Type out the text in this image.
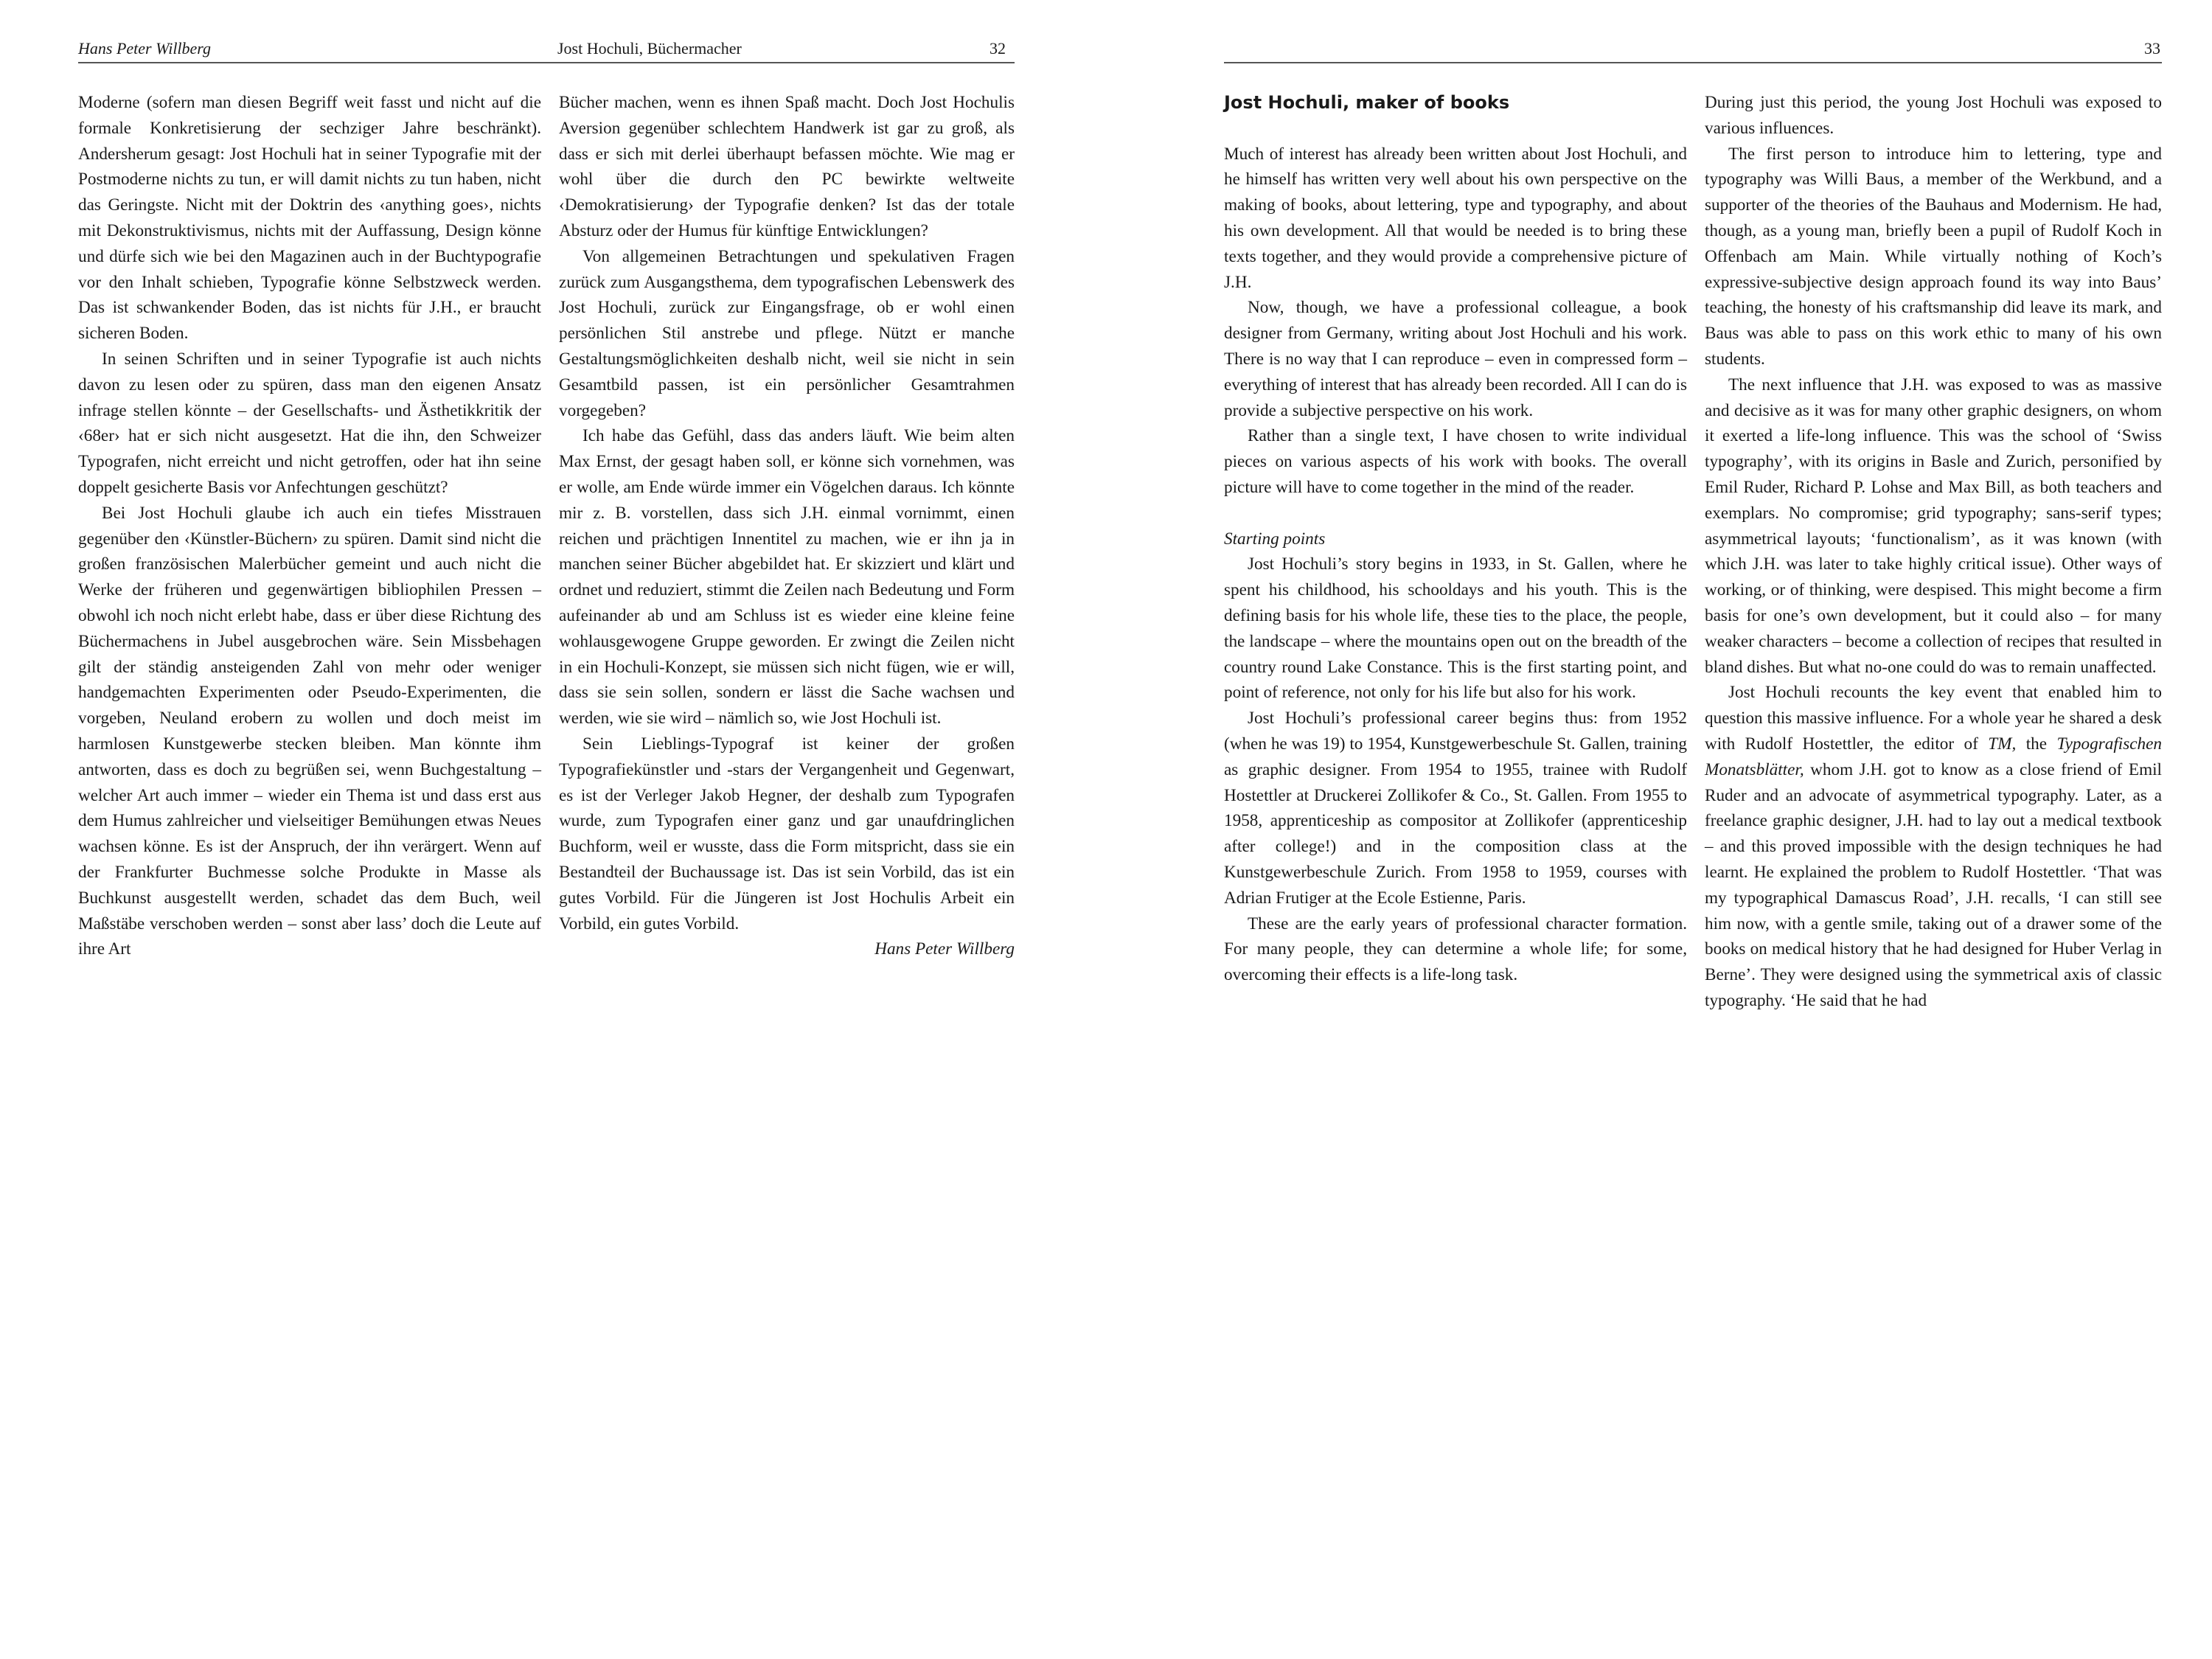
Hans Peter Willberg	Jost Hochuli, Büchermacher	32

Moderne (sofern man diesen Begriff weit fasst und nicht auf die formale Konkretisierung der sechziger Jahre beschränkt). Andersherum gesagt: Jost Hochuli hat in seiner Typografie mit der Postmoderne nichts zu tun, er will damit nichts zu tun haben, nicht das Geringste. Nicht mit der Doktrin des ‹anything goes›, nichts mit Dekonstruktivismus, nichts mit der Auffassung, Design könne und dürfe sich wie bei den Magazinen auch in der Buchtypografie vor den Inhalt schieben, Typografie könne Selbstzweck werden. Das ist schwankender Boden, das ist nichts für J.H., er braucht sicheren Boden.

In seinen Schriften und in seiner Typografie ist auch nichts davon zu lesen oder zu spüren, dass man den eigenen Ansatz infrage stellen könnte – der Gesellschafts- und Ästhetikkritik der ‹68er› hat er sich nicht ausgesetzt. Hat die ihn, den Schweizer Typografen, nicht erreicht und nicht getroffen, oder hat ihn seine doppelt gesicherte Basis vor Anfechtungen geschützt?

Bei Jost Hochuli glaube ich auch ein tiefes Misstrauen gegenüber den ‹Künstler-Büchern› zu spüren. Damit sind nicht die großen französischen Malerbücher gemeint und auch nicht die Werke der früheren und gegenwärtigen bibliophilen Pressen – obwohl ich noch nicht erlebt habe, dass er über diese Richtung des Büchermachens in Jubel ausgebrochen wäre. Sein Missbehagen gilt der ständig ansteigenden Zahl von mehr oder weniger handgemachten Experimenten oder Pseudo-Experimenten, die vorgeben, Neuland erobern zu wollen und doch meist im harmlosen Kunstgewerbe stecken bleiben. Man könnte ihm antworten, dass es doch zu begrüßen sei, wenn Buchgestaltung – welcher Art auch immer – wieder ein Thema ist und dass erst aus dem Humus zahlreicher und vielseitiger Bemühungen etwas Neues wachsen könne. Es ist der Anspruch, der ihn verärgert. Wenn auf der Frankfurter Buchmesse solche Produkte in Masse als Buchkunst ausgestellt werden, schadet das dem Buch, weil Maßstäbe verschoben werden – sonst aber lass’ doch die Leute auf ihre Art

Bücher machen, wenn es ihnen Spaß macht. Doch Jost Hochulis Aversion gegenüber schlechtem Handwerk ist gar zu groß, als dass er sich mit derlei überhaupt befassen möchte. Wie mag er wohl über die durch den PC bewirkte weltweite ‹Demokratisierung› der Typografie denken? Ist das der totale Absturz oder der Humus für künftige Entwicklungen?

Von allgemeinen Betrachtungen und spekulativen Fragen zurück zum Ausgangsthema, dem typografischen Lebenswerk des Jost Hochuli, zurück zur Eingangsfrage, ob er wohl einen persönlichen Stil anstrebe und pflege. Nützt er manche Gestaltungsmöglichkeiten deshalb nicht, weil sie nicht in sein Gesamtbild passen, ist ein persönlicher Gesamtrahmen vorgegeben?

Ich habe das Gefühl, dass das anders läuft. Wie beim alten Max Ernst, der gesagt haben soll, er könne sich vornehmen, was er wolle, am Ende würde immer ein Vögelchen daraus. Ich könnte mir z. B. vorstellen, dass sich J.H. einmal vornimmt, einen reichen und prächtigen Innentitel zu machen, wie er ihn ja in manchen seiner Bücher abgebildet hat. Er skizziert und klärt und ordnet und reduziert, stimmt die Zeilen nach Bedeutung und Form aufeinander ab und am Schluss ist es wieder eine kleine feine wohlausgewogene Gruppe geworden. Er zwingt die Zeilen nicht in ein Hochuli-Konzept, sie müssen sich nicht fügen, wie er will, dass sie sein sollen, sondern er lässt die Sache wachsen und werden, wie sie wird – nämlich so, wie Jost Hochuli ist.

Sein Lieblings-Typograf ist keiner der großen Typografiekünstler und -stars der Vergangenheit und Gegenwart, es ist der Verleger Jakob Hegner, der deshalb zum Typografen wurde, zum Typografen einer ganz und gar unaufdringlichen Buchform, weil er wusste, dass die Form mitspricht, dass sie ein Bestandteil der Buchaussage ist. Das ist sein Vorbild, das ist ein gutes Vorbild. Für die Jüngeren ist Jost Hochulis Arbeit ein Vorbild, ein gutes Vorbild.

Hans Peter Willberg

33
Jost Hochuli, maker of books

Much of interest has already been written about Jost Hochuli, and he himself has written very well about his own perspective on the making of books, about lettering, type and typography, and about his own development. All that would be needed is to bring these texts together, and they would provide a comprehensive picture of J.H.

Now, though, we have a professional colleague, a book designer from Germany, writing about Jost Hochuli and his work. There is no way that I can reproduce – even in compressed form – everything of interest that has already been recorded. All I can do is provide a subjective perspective on his work.

Rather than a single text, I have chosen to write individual pieces on various aspects of his work with books. The overall picture will have to come together in the mind of the reader.

Starting points

Jost Hochuli’s story begins in 1933, in St. Gallen, where he spent his childhood, his schooldays and his youth. This is the defining basis for his whole life, these ties to the place, the people, the landscape – where the mountains open out on the breadth of the country round Lake Constance. This is the first starting point, and point of reference, not only for his life but also for his work.

Jost Hochuli’s professional career begins thus: from 1952 (when he was 19) to 1954, Kunstgewerbeschule St. Gallen, training as graphic designer. From 1954 to 1955, trainee with Rudolf Hostettler at Druckerei Zollikofer & Co., St. Gallen. From 1955 to 1958, apprenticeship as compositor at Zollikofer (apprenticeship after college!) and in the composition class at the Kunstgewerbeschule Zurich. From 1958 to 1959, courses with Adrian Frutiger at the Ecole Estienne, Paris.

These are the early years of professional character formation. For many people, they can determine a whole life; for some, overcoming their effects is a life-long task.

During just this period, the young Jost Hochuli was exposed to various influences.

The first person to introduce him to lettering, type and typography was Willi Baus, a member of the Werkbund, and a supporter of the theories of the Bauhaus and Modernism. He had, though, as a young man, briefly been a pupil of Rudolf Koch in Offenbach am Main. While virtually nothing of Koch’s expressive-subjective design approach found its way into Baus’ teaching, the honesty of his craftsmanship did leave its mark, and Baus was able to pass on this work ethic to many of his own students.

The next influence that J.H. was exposed to was as massive and decisive as it was for many other graphic designers, on whom it exerted a life-long influence. This was the school of ‘Swiss typography’, with its origins in Basle and Zurich, personified by Emil Ruder, Richard P. Lohse and Max Bill, as both teachers and exemplars. No compromise; grid typography; sans-serif types; asymmetrical layouts; ‘functionalism’, as it was known (with which J.H. was later to take highly critical issue). Other ways of working, or of thinking, were despised. This might become a firm basis for one’s own development, but it could also – for many weaker characters – become a collection of recipes that resulted in bland dishes. But what no-one could do was to remain unaffected.

Jost Hochuli recounts the key event that enabled him to question this massive influence. For a whole year he shared a desk with Rudolf Hostettler, the editor of TM, the Typografischen Monatsblätter, whom J.H. got to know as a close friend of Emil Ruder and an advocate of asymmetrical typography. Later, as a freelance graphic designer, J.H. had to lay out a medical textbook – and this proved impossible with the design techniques he had learnt. He explained the problem to Rudolf Hostettler. ‘That was my typographical Damascus Road’, J.H. recalls, ‘I can still see him now, with a gentle smile, taking out of a drawer some of the books on medical history that he had designed for Huber Verlag in Berne’. They were designed using the symmetrical axis of classic typography. ‘He said that he had
